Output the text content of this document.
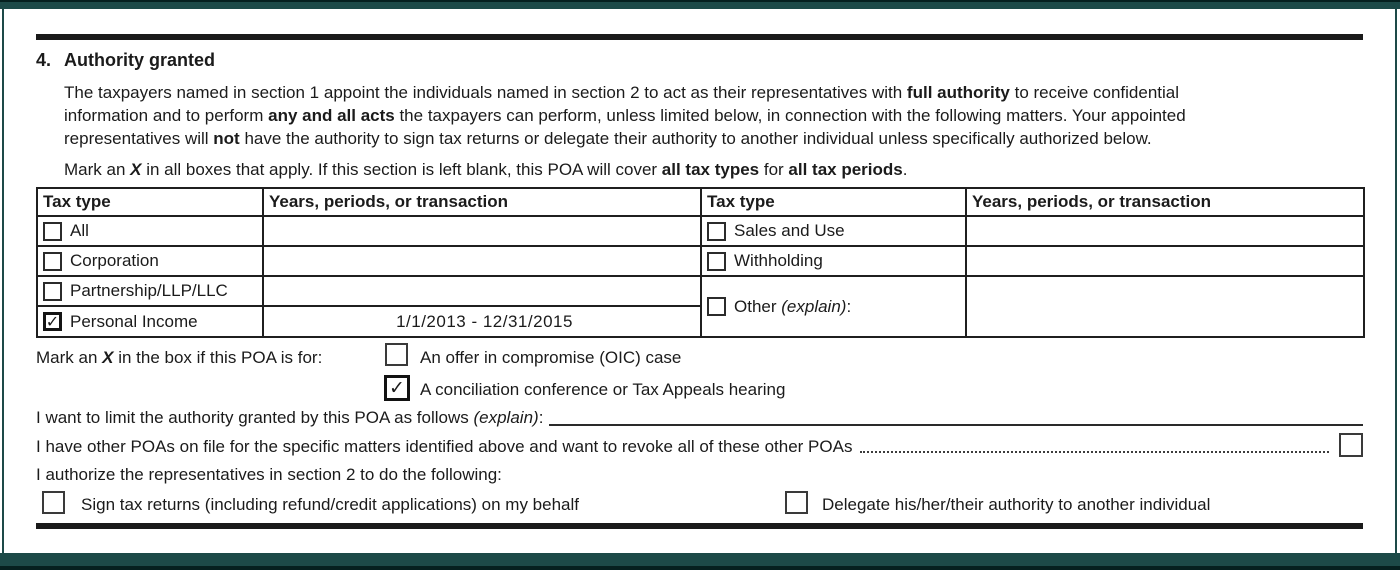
4. Authority granted
The taxpayers named in section 1 appoint the individuals named in section 2 to act as their representatives with full authority to receive confidential
information and to perform any and all acts the taxpayers can perform, unless limited below, in connection with the following matters. Your appointed
representatives will not have the authority to sign tax returns or delegate their authority to another individual unless specifically authorized below.
Mark an X in all boxes that apply. If this section is left blank, this POA will cover all tax types for all tax periods.
Tax type	Years, periods, or transaction	Tax type	Years, periods, or transaction

All		Sales and Use	

Corporation		Withholding	

Partnership/LLP/LLC		Other (explain):	

✓ Personal Income	1/1/2013 - 12/31/2015		
Mark an X in the box if this POA is for:	An offer in compromise (OIC) case
✓ A conciliation conference or Tax Appeals hearing
I want to limit the authority granted by this POA as follows (explain):
I have other POAs on file for the specific matters identified above and want to revoke all of these other POAs
I authorize the representatives in section 2 to do the following:
Sign tax returns (including refund/credit applications) on my behalf	Delegate his/her/their authority to another individual
